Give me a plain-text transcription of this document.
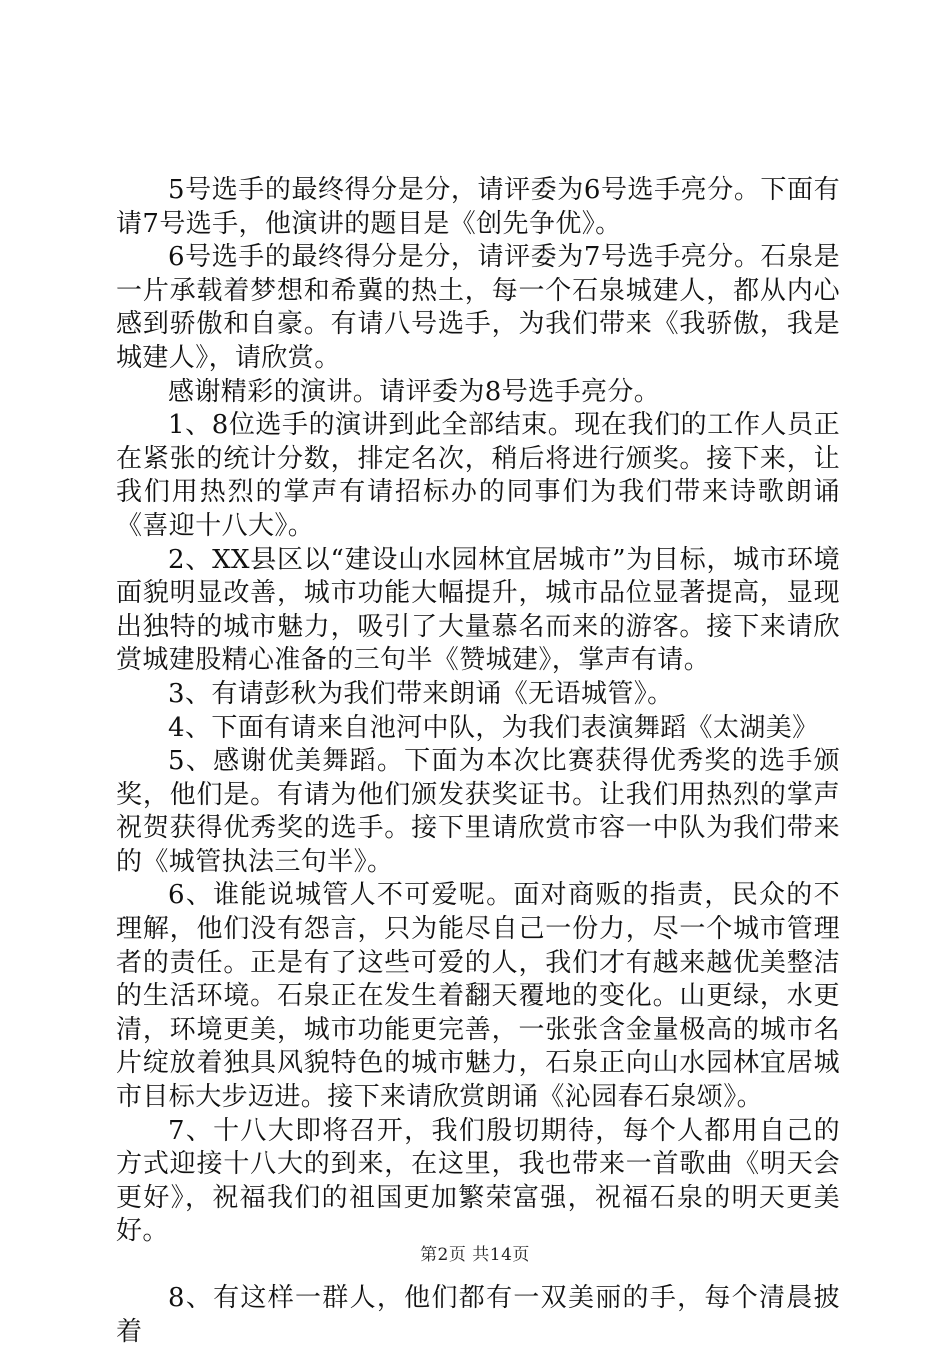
5号选手的最终得分是分，请评委为6号选手亮分。下面有请7号选手，他演讲的题目是《创先争优》。

6号选手的最终得分是分，请评委为7号选手亮分。石泉是一片承载着梦想和希冀的热土，每一个石泉城建人，都从内心感到骄傲和自豪。有请八号选手，为我们带来《我骄傲，我是城建人》，请欣赏。

感谢精彩的演讲。请评委为8号选手亮分。

1、8位选手的演讲到此全部结束。现在我们的工作人员正在紧张的统计分数，排定名次，稍后将进行颁奖。接下来，让我们用热烈的掌声有请招标办的同事们为我们带来诗歌朗诵《喜迎十八大》。

2、XX县区以“建设山水园林宜居城市”为目标，城市环境面貌明显改善，城市功能大幅提升，城市品位显著提高，显现出独特的城市魅力，吸引了大量慕名而来的游客。接下来请欣赏城建股精心准备的三句半《赞城建》，掌声有请。

3、有请彭秋为我们带来朗诵《无语城管》。

4、下面有请来自池河中队，为我们表演舞蹈《太湖美》

5、感谢优美舞蹈。下面为本次比赛获得优秀奖的选手颁奖，他们是。有请为他们颁发获奖证书。让我们用热烈的掌声祝贺获得优秀奖的选手。接下里请欣赏市容一中队为我们带来的《城管执法三句半》。

6、谁能说城管人不可爱呢。面对商贩的指责，民众的不理解，他们没有怨言，只为能尽自己一份力，尽一个城市管理者的责任。正是有了这些可爱的人，我们才有越来越优美整洁的生活环境。石泉正在发生着翻天覆地的变化。山更绿，水更清，环境更美，城市功能更完善，一张张含金量极高的城市名片绽放着独具风貌特色的城市魅力，石泉正向山水园林宜居城市目标大步迈进。接下来请欣赏朗诵《沁园春石泉颂》。

7、十八大即将召开，我们殷切期待，每个人都用自己的方式迎接十八大的到来，在这里，我也带来一首歌曲《明天会更好》，祝福我们的祖国更加繁荣富强，祝福石泉的明天更美好。

8、有这样一群人，他们都有一双美丽的手，每个清晨披着

第2页 共14页
